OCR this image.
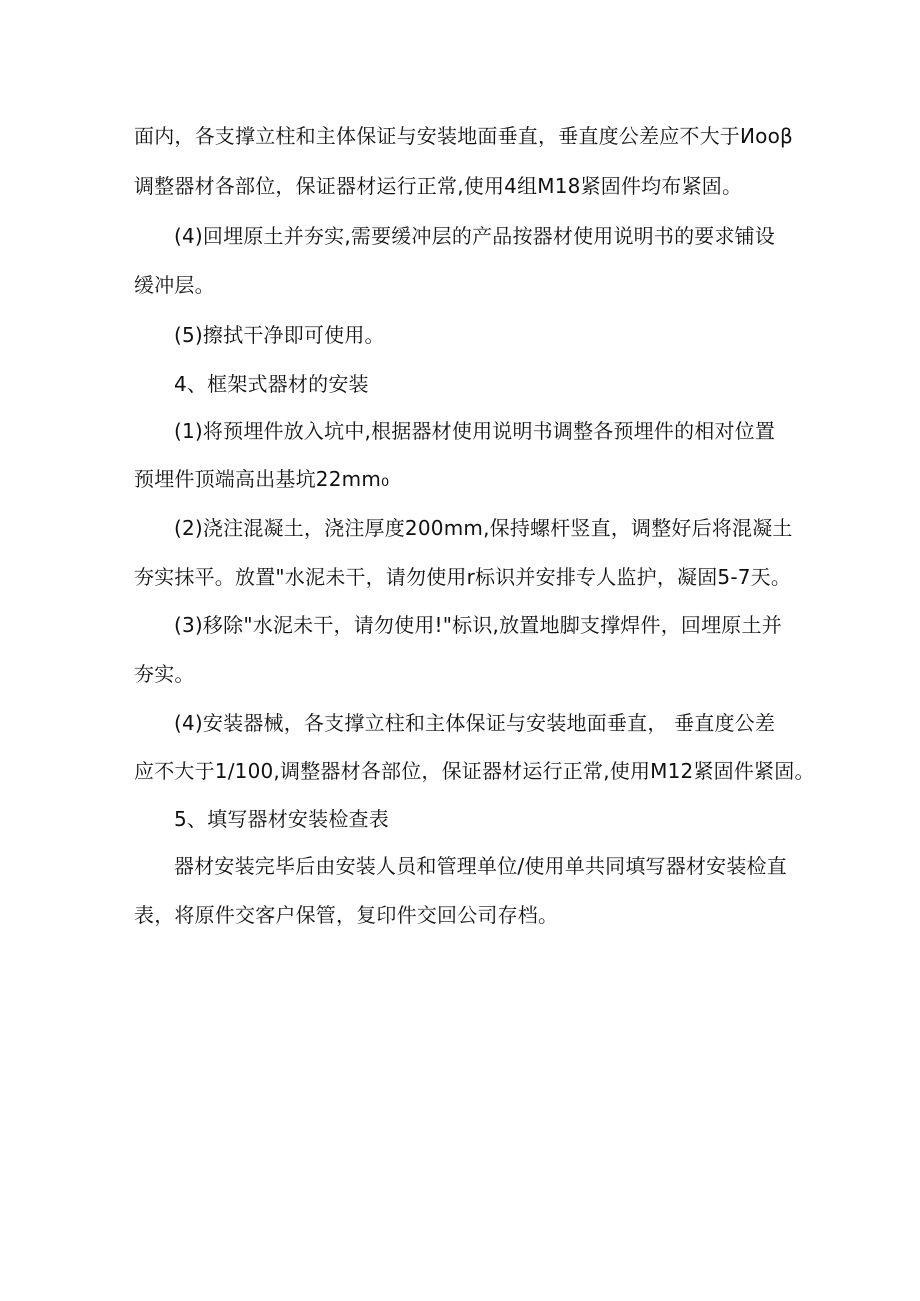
面内，各支撑立柱和主体保证与安装地面垂直，垂直度公差应不大于Иooβ
调整器材各部位，保证器材运行正常,使用4组M18紧固件均布紧固。
(4)回埋原土并夯实,需要缓冲层的产品按器材使用说明书的要求铺设
缓冲层。
(5)擦拭干净即可使用。
4、框架式器材的安装
(1)将预埋件放入坑中,根据器材使用说明书调整各预埋件的相对位置
预埋件顶端高出基坑22mm₀
(2)浇注混凝土，浇注厚度200mm,保持螺杆竖直，调整好后将混凝土
夯实抹平。放置"水泥未干，请勿使用r标识并安排专人监护，凝固5-7天。
(3)移除"水泥未干，请勿使用!"标识,放置地脚支撑焊件，回埋原土并
夯实。
(4)安装器械，各支撑立柱和主体保证与安装地面垂直， 垂直度公差
应不大于1/100,调整器材各部位，保证器材运行正常,使用M12紧固件紧固。
5、填写器材安装检查表
器材安装完毕后由安装人员和管理单位/使用单共同填写器材安装检直
表，将原件交客户保管，复印件交回公司存档。
